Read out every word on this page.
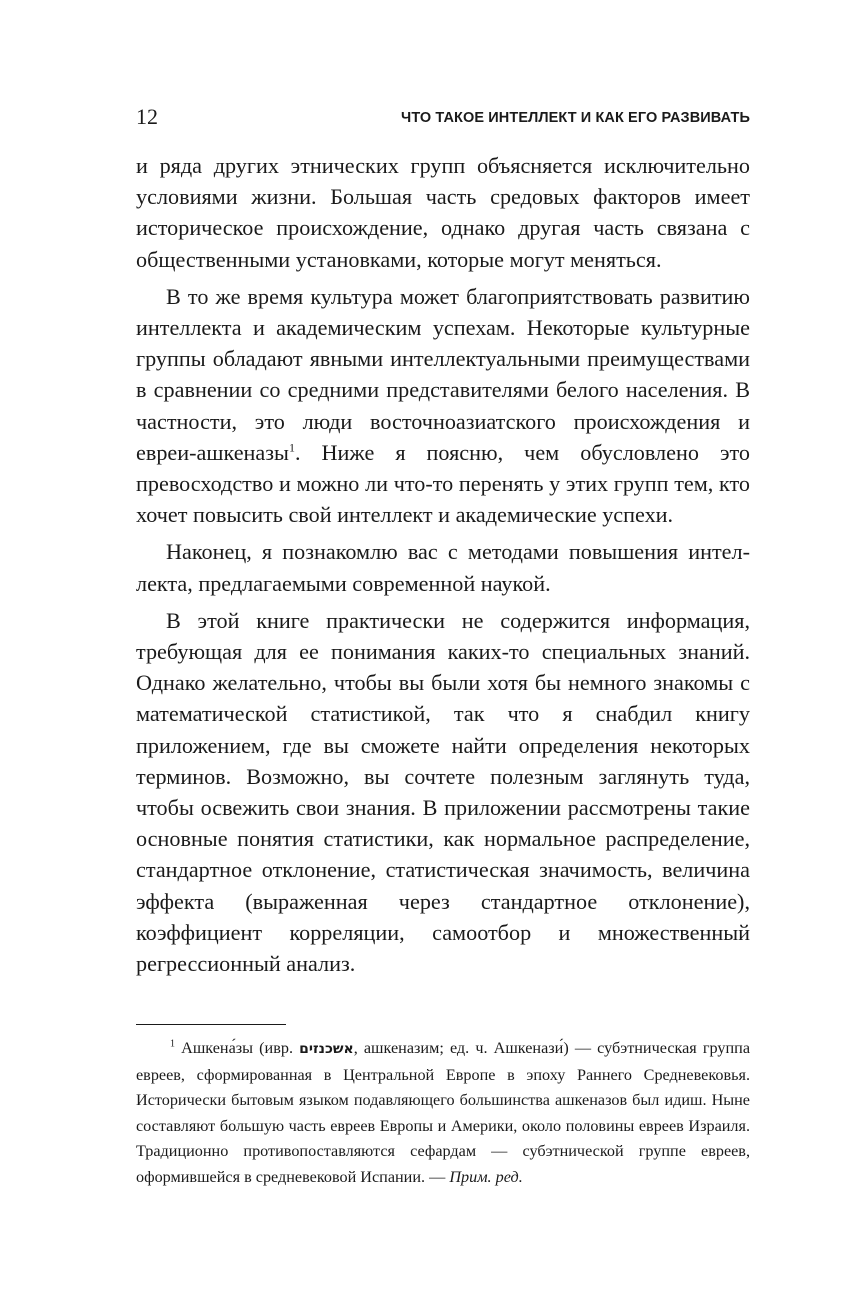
12	ЧТО ТАКОЕ ИНТЕЛЛЕКТ И КАК ЕГО РАЗВИВАТЬ

и ряда других этнических групп объясняется исключительно условиями жизни. Большая часть средовых факторов имеет историческое происхождение, однако другая часть связана с общественными установками, которые могут меняться.

В то же время культура может благоприятствовать развитию интеллекта и академическим успехам. Некоторые культурные группы обладают явными интеллектуальными преимуществами в сравнении со средними представителями белого населения. В частности, это люди восточноазиатского происхождения и евреи-ашкеназы$^1$. Ниже я поясню, чем обусловлено это превосходство и можно ли что-то перенять у этих групп тем, кто хочет повысить свой интеллект и академические успехи.

Наконец, я познакомлю вас с методами повышения интеллекта, предлагаемыми современной наукой.

В этой книге практически не содержится информация, требующая для ее понимания каких-то специальных знаний. Однако желательно, чтобы вы были хотя бы немного знакомы с математической статистикой, так что я снабдил книгу приложением, где вы сможете найти определения некоторых терминов. Возможно, вы сочтете полезным заглянуть туда, чтобы освежить свои знания. В приложении рассмотрены такие основные понятия статистики, как нормальное распределение, стандартное отклонение, статистическая значимость, величина эффекта (выраженная через стандартное отклонение), коэффициент корреляции, самоотбор и множественный регрессионный анализ.

$^1$ Ашкена́зы (ивр. אשכנזים, ашкеназим; ед. ч. Ашкенази́) — субэтническая группа евреев, сформированная в Центральной Европе в эпоху Раннего Средневековья. Исторически бытовым языком подавляющего большинства ашкеназов был идиш. Ныне составляют большую часть евреев Европы и Америки, около половины евреев Израиля. Традиционно противопоставляются сефардам — субэтнической группе евреев, оформившейся в средневековой Испании. — Прим. ред.
